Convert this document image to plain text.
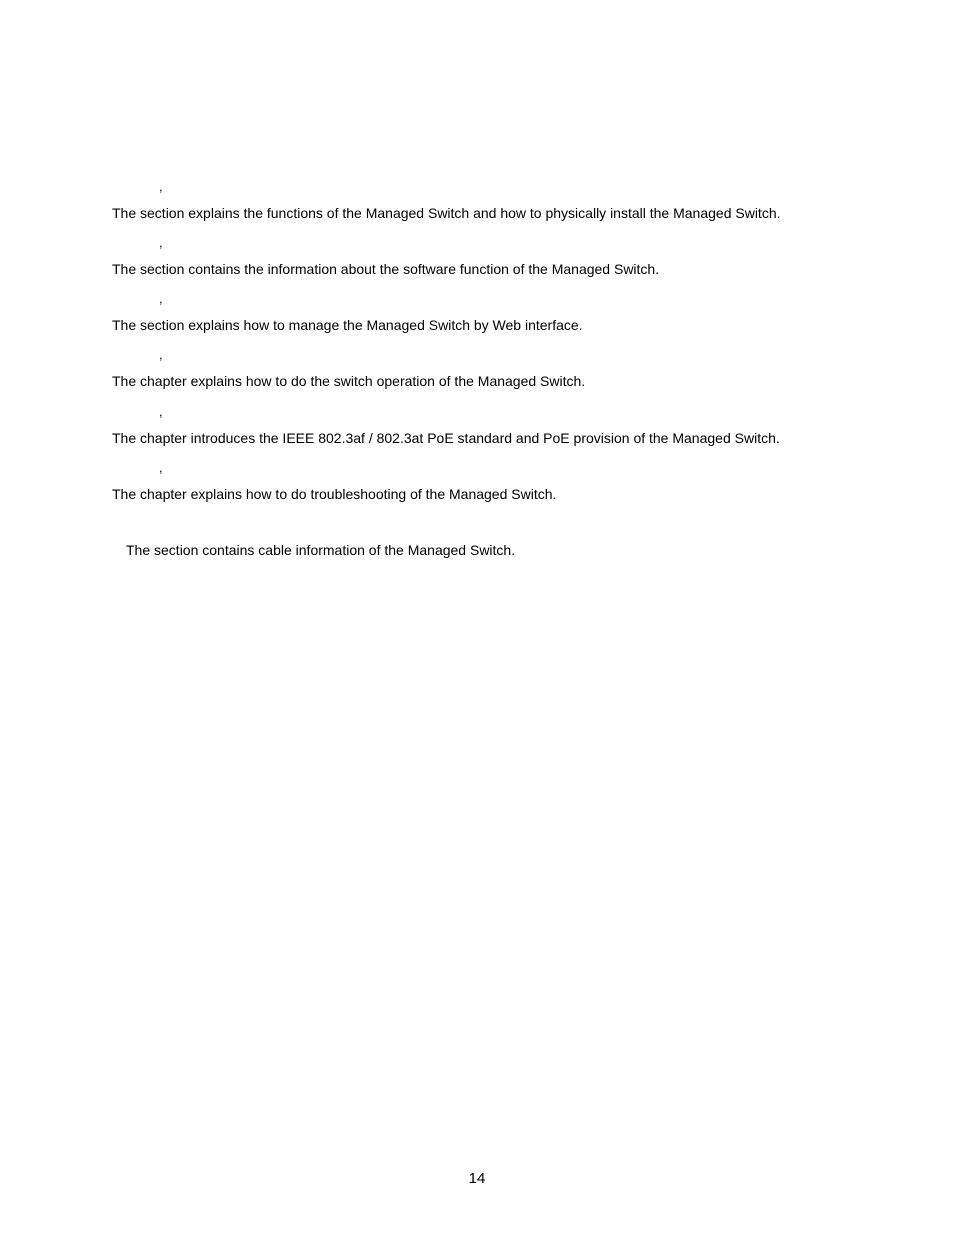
,
The section explains the functions of the Managed Switch and how to physically install the Managed Switch.
,
The section contains the information about the software function of the Managed Switch.
,
The section explains how to manage the Managed Switch by Web interface.
,
The chapter explains how to do the switch operation of the Managed Switch.
,
The chapter introduces the IEEE 802.3af / 802.3at PoE standard and PoE provision of the Managed Switch.
,
The chapter explains how to do troubleshooting of the Managed Switch.
The section contains cable information of the Managed Switch.
14
